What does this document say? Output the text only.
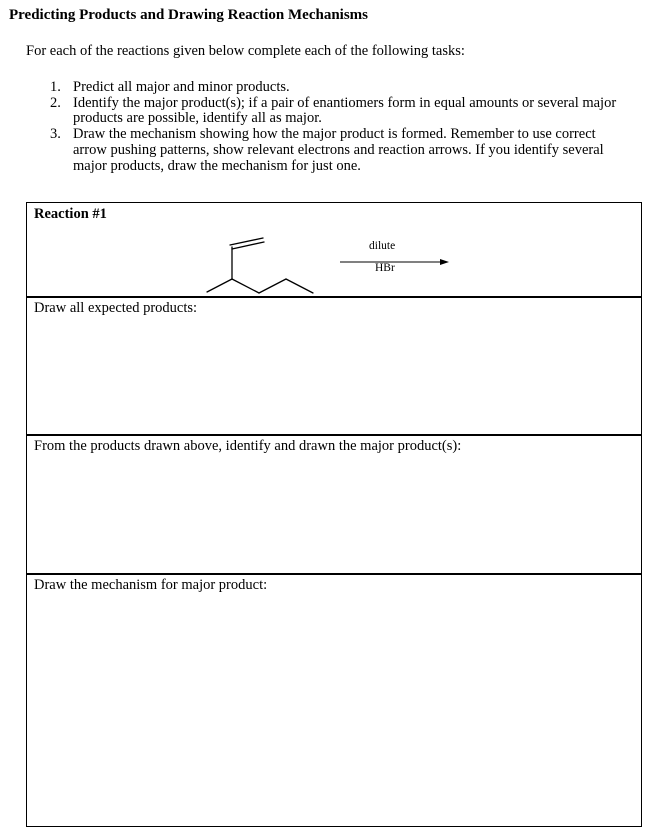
Predicting Products and Drawing Reaction Mechanisms
For each of the reactions given below complete each of the following tasks:
1. Predict all major and minor products.
2. Identify the major product(s); if a pair of enantiomers form in equal amounts or several major products are possible, identify all as major.
3. Draw the mechanism showing how the major product is formed. Remember to use correct arrow pushing patterns, show relevant electrons and reaction arrows. If you identify several major products, draw the mechanism for just one.
Reaction #1
dilute
HBr
Draw all expected products:
From the products drawn above, identify and drawn the major product(s):
Draw the mechanism for major product:
